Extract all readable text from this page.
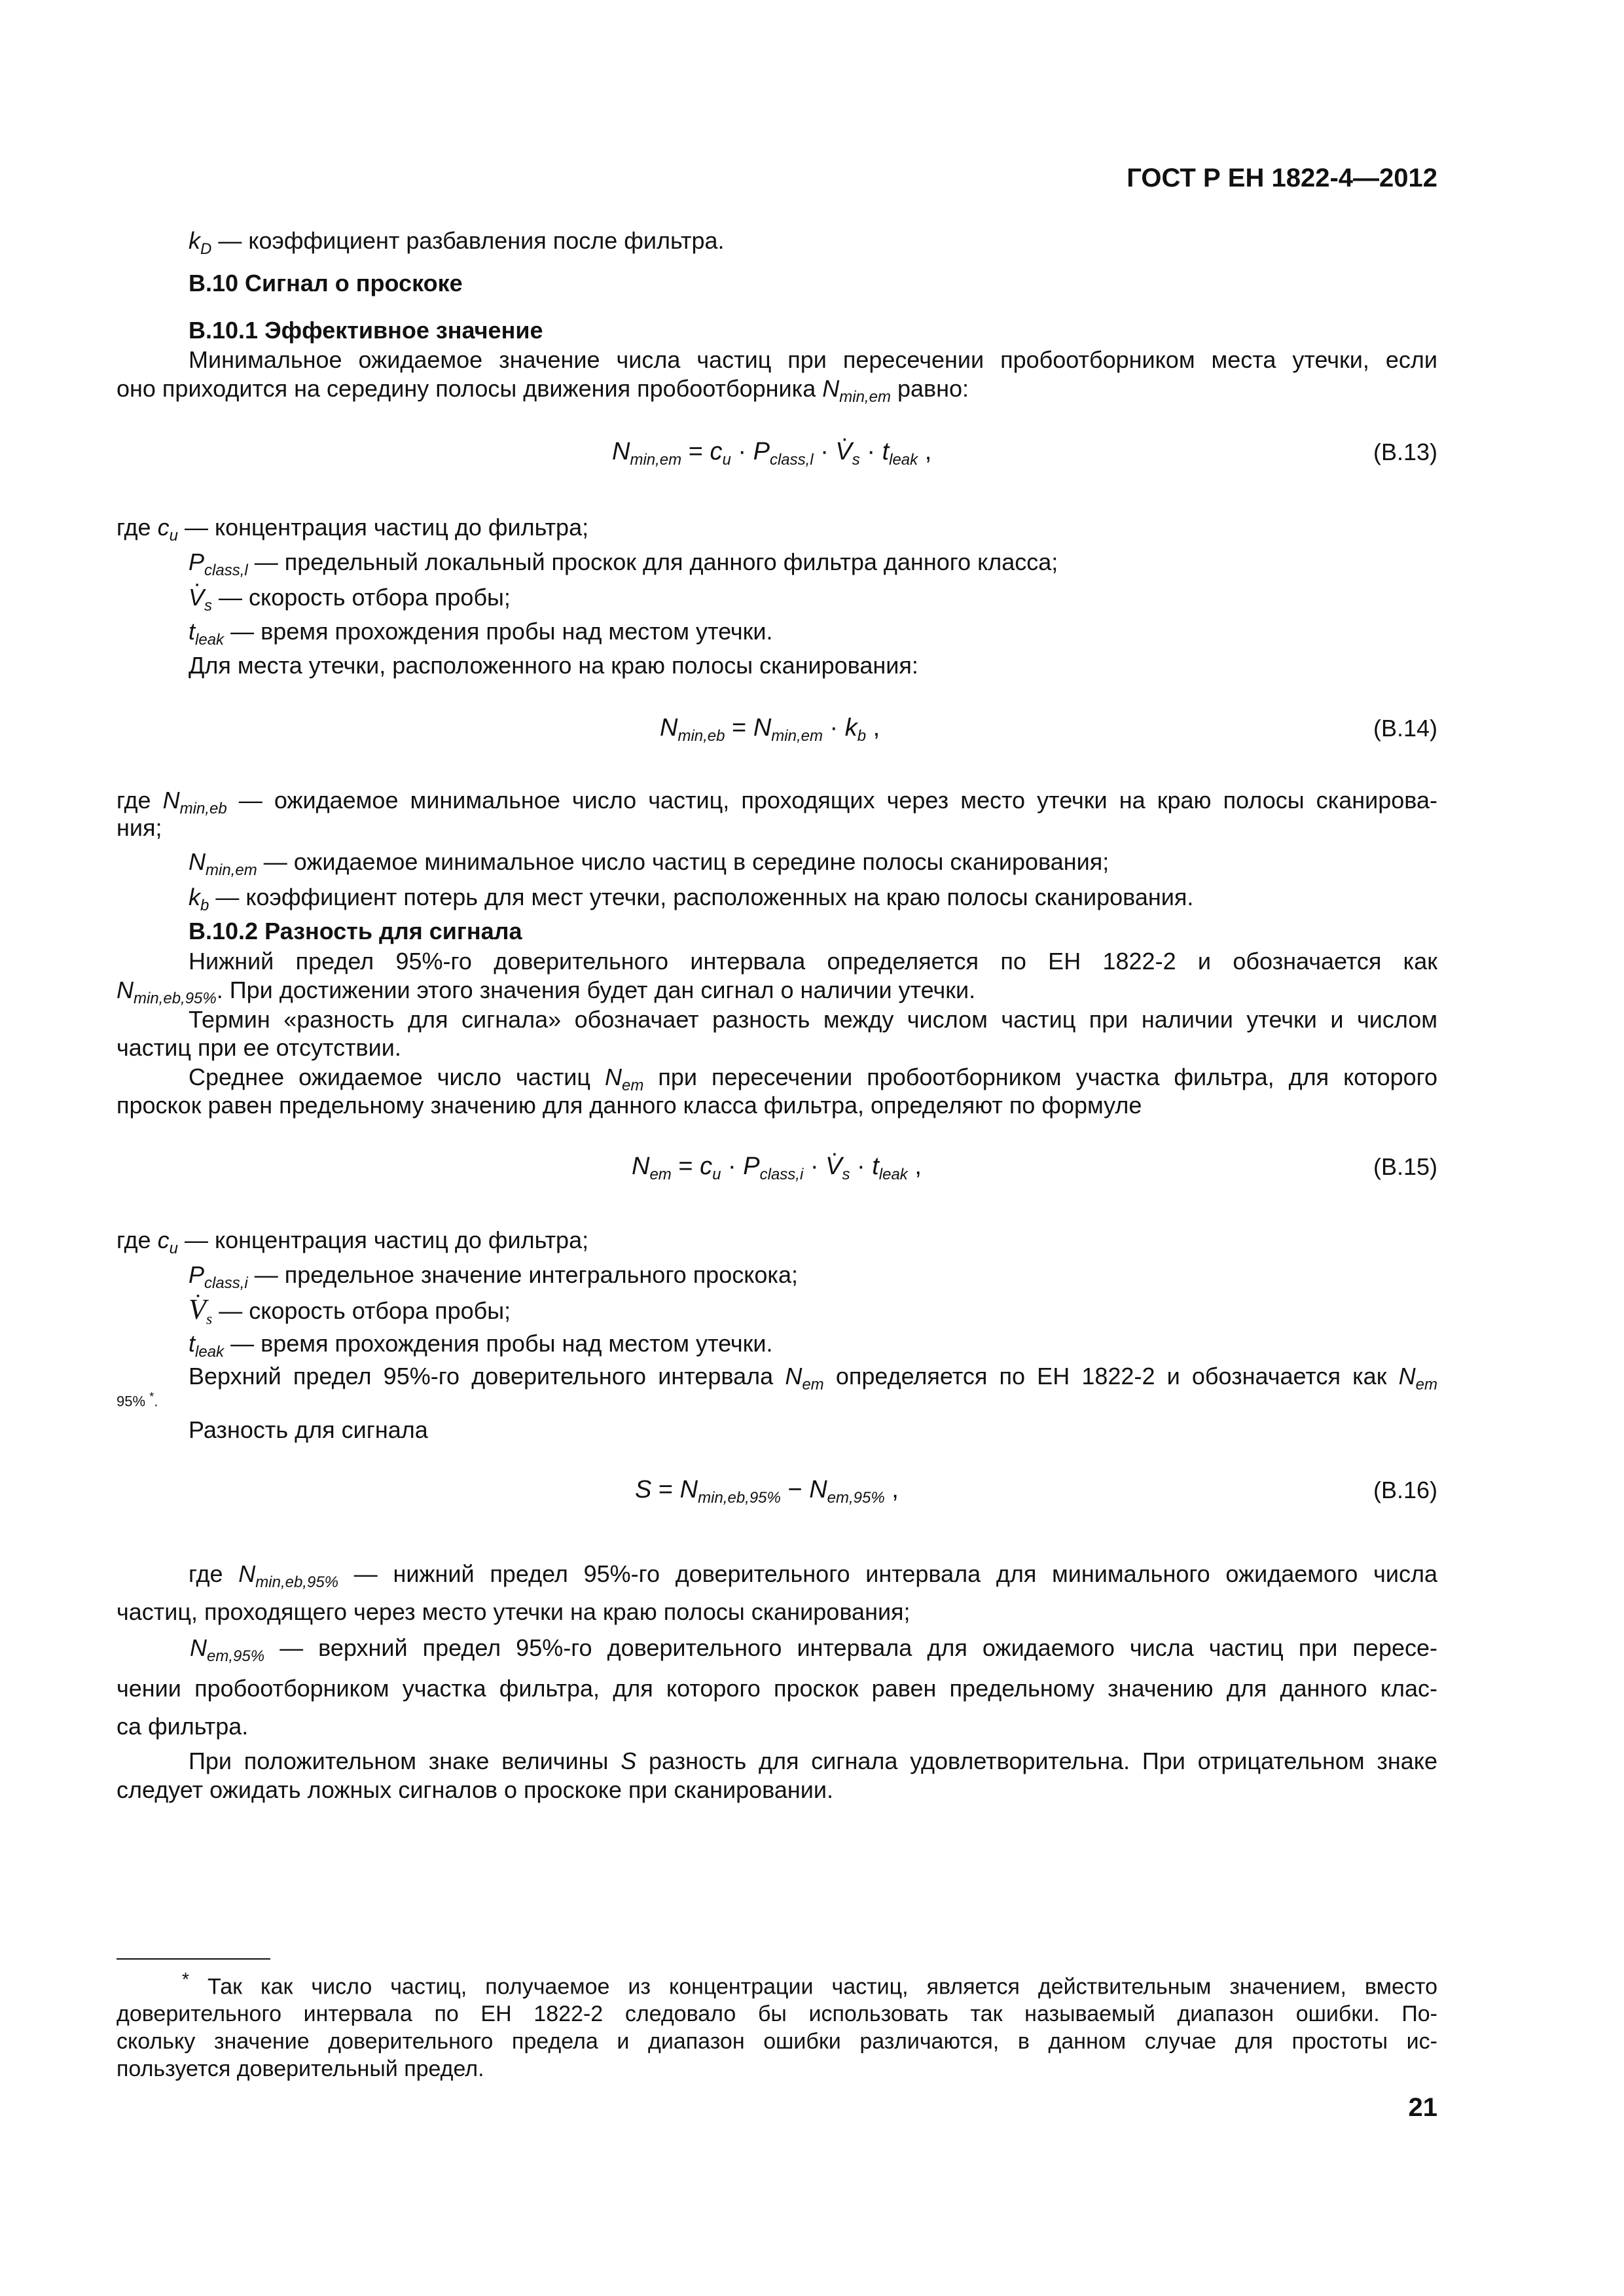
ГОСТ Р ЕН 1822-4—2012
$k_D$ — коэффициент разбавления после фильтра.
В.10 Сигнал о проскоке
В.10.1 Эффективное значение
Минимальное ожидаемое значение числа частиц при пересечении пробоотборником места утечки, если
оно приходится на середину полосы движения пробоотборника $N_{min,em}$ равно:
$N_{min,em} = c_u \cdot P_{class,l}$ · · $V_s \cdot t_{leak}$ ,	(В.13)
где $c_u$ — концентрация частиц до фильтра;
$P_{class,l}$ — предельный локальный проскок для данного фильтра данного класса;
· $V_s$ — скорость отбора пробы;
$t_{leak}$ — время прохождения пробы над местом утечки.
Для места утечки, расположенного на краю полосы сканирования:
$N_{min,eb} = N_{min,em} \cdot k_b$ ,	(В.14)
где $N_{min,eb}$ — ожидаемое минимальное число частиц, проходящих через место утечки на краю полосы сканирова-
ния;
$N_{min,em}$ — ожидаемое минимальное число частиц в середине полосы сканирования;
$k_b$ — коэффициент потерь для мест утечки, расположенных на краю полосы сканирования.
В.10.2 Разность для сигнала
Нижний предел 95%-го доверительного интервала определяется по ЕН 1822-2 и обозначается как
$N_{min,eb,95\%}$. При достижении этого значения будет дан сигнал о наличии утечки.
Термин «разность для сигнала» обозначает разность между числом частиц при наличии утечки и числом
частиц при ее отсутствии.
Среднее ожидаемое число частиц $N_{em}$ при пересечении пробоотборником участка фильтра, для которого
проскок равен предельному значению для данного класса фильтра, определяют по формуле
$N_{em} = c_u \cdot P_{class,i}$ · · $V_s \cdot t_{leak}$ ,	(В.15)
где $c_u$ — концентрация частиц до фильтра;
$P_{class,i}$ — предельное значение интегрального проскока;
· $V_s$ — скорость отбора пробы;
$t_{leak}$ — время прохождения пробы над местом утечки.
Верхний предел 95%-го доверительного интервала $N_{em}$ определяется по ЕН 1822-2 и обозначается как $N_{em}$
95% *.
Разность для сигнала
$S = N_{min,eb,95\%} - N_{em,95\%}$ ,	(В.16)
где $N_{min,eb,95\%}$ — нижний предел 95%-го доверительного интервала для минимального ожидаемого числа
частиц, проходящего через место утечки на краю полосы сканирования;
$N_{em,95\%}$ — верхний предел 95%-го доверительного интервала для ожидаемого числа частиц при пересе-
чении пробоотборником участка фильтра, для которого проскок равен предельному значению для данного клас-
са фильтра.
При положительном знаке величины S разность для сигнала удовлетворительна. При отрицательном знаке
следует ожидать ложных сигналов о проскоке при сканировании.
* Так как число частиц, получаемое из концентрации частиц, является действительным значением, вместо
доверительного интервала по ЕН 1822-2 следовало бы использовать так называемый диапазон ошибки. По-
скольку значение доверительного предела и диапазон ошибки различаются, в данном случае для простоты ис-
пользуется доверительный предел.
21
